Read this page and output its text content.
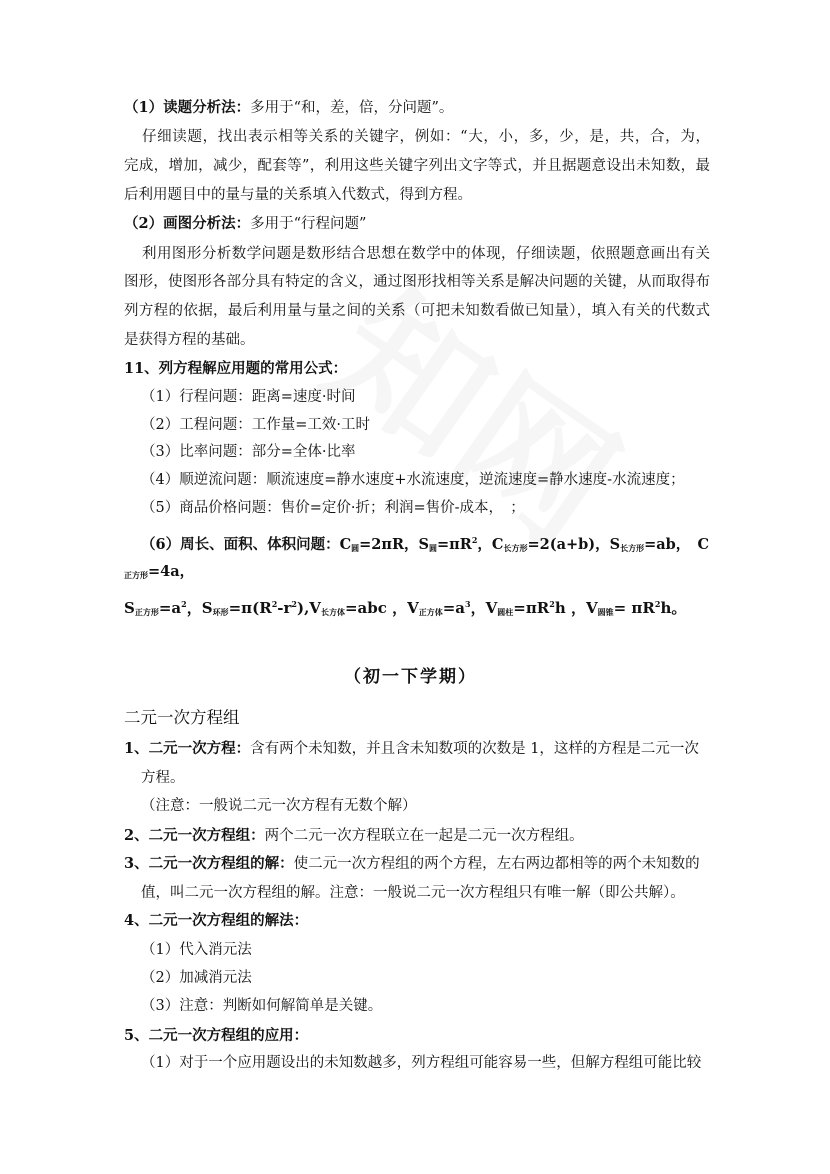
（1）读题分析法：多用于“和，差，倍，分问题”。
仔细读题，找出表示相等关系的关键字，例如：“大，小，多，少，是，共，合，为，
完成，增加，减少，配套等”，利用这些关键字列出文字等式，并且据题意设出未知数，最
后利用题目中的量与量的关系填入代数式，得到方程。
（2）画图分析法：多用于“行程问题”
利用图形分析数学问题是数形结合思想在数学中的体现，仔细读题，依照题意画出有关
图形，使图形各部分具有特定的含义，通过图形找相等关系是解决问题的关键，从而取得布
列方程的依据，最后利用量与量之间的关系（可把未知数看做已知量），填入有关的代数式
是获得方程的基础。
11、列方程解应用题的常用公式：
（1）行程问题：距离=速度·时间
（2）工程问题：工作量=工效·工时
（3）比率问题：部分=全体·比率
（4）顺逆流问题：顺流速度=静水速度+水流速度，逆流速度=静水速度-水流速度；
（5）商品价格问题：售价=定价·折；利润=售价-成本，　；
（6）周长、面积、体积问题：$C_圆=2\pi R$，$S_圆=\pi R^2$，$C_{长方形}=2(a+b)$，$S_{长方形}=ab$，　C
$_{正方形}$=4a，
$S_{正方形}=a^2$，$S_{环形}=\pi(R^2-r^2),V_{长方体}=abc$ ，$V_{正方体}=a^3$，$V_{圆柱}=\pi R^2h$ ，$V_{圆锥}= \pi R^2h$。
（初一下学期）
二元一次方程组
1、二元一次方程：含有两个未知数，并且含未知数项的次数是 1，这样的方程是二元一次
方程。
（注意：一般说二元一次方程有无数个解）
2、二元一次方程组：两个二元一次方程联立在一起是二元一次方程组。
3、二元一次方程组的解：使二元一次方程组的两个方程，左右两边都相等的两个未知数的
值，叫二元一次方程组的解。注意：一般说二元一次方程组只有唯一解（即公共解）。
4、二元一次方程组的解法：
（1）代入消元法
（2）加减消元法
（3）注意：判断如何解简单是关键。
5、二元一次方程组的应用：
（1）对于一个应用题设出的未知数越多，列方程组可能容易一些，但解方程组可能比较
